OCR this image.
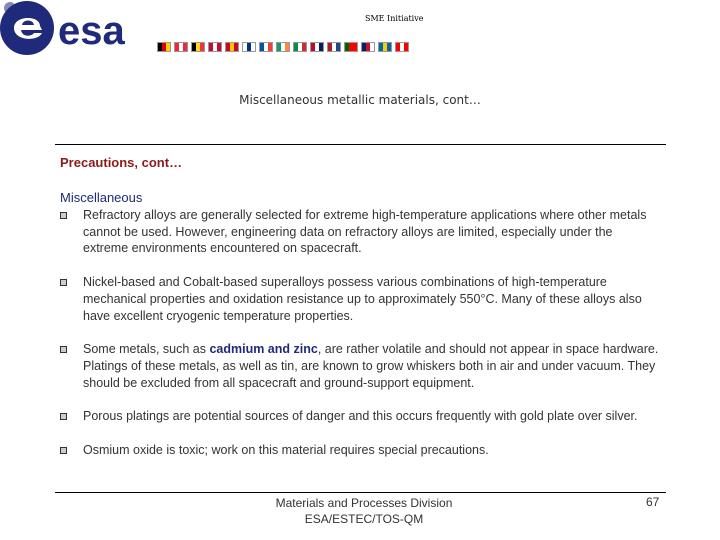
esa	SME Initiative
Miscellaneous metallic materials, cont…
Precautions, cont…
Miscellaneous
Refractory alloys are generally selected for extreme high-temperature applications where other metals cannot be used. However, engineering data on refractory alloys are limited, especially under the extreme environments encountered on spacecraft.
Nickel-based and Cobalt-based superalloys possess various combinations of high-temperature mechanical properties and oxidation resistance up to approximately 550°C. Many of these alloys also have excellent cryogenic temperature properties.
Some metals, such as cadmium and zinc, are rather volatile and should not appear in space hardware. Platings of these metals, as well as tin, are known to grow whiskers both in air and under vacuum. They should be excluded from all spacecraft and ground-support equipment.
Porous platings are potential sources of danger and this occurs frequently with gold plate over silver.
Osmium oxide is toxic; work on this material requires special precautions.
Materials and Processes Division
ESA/ESTEC/TOS-QM
67
